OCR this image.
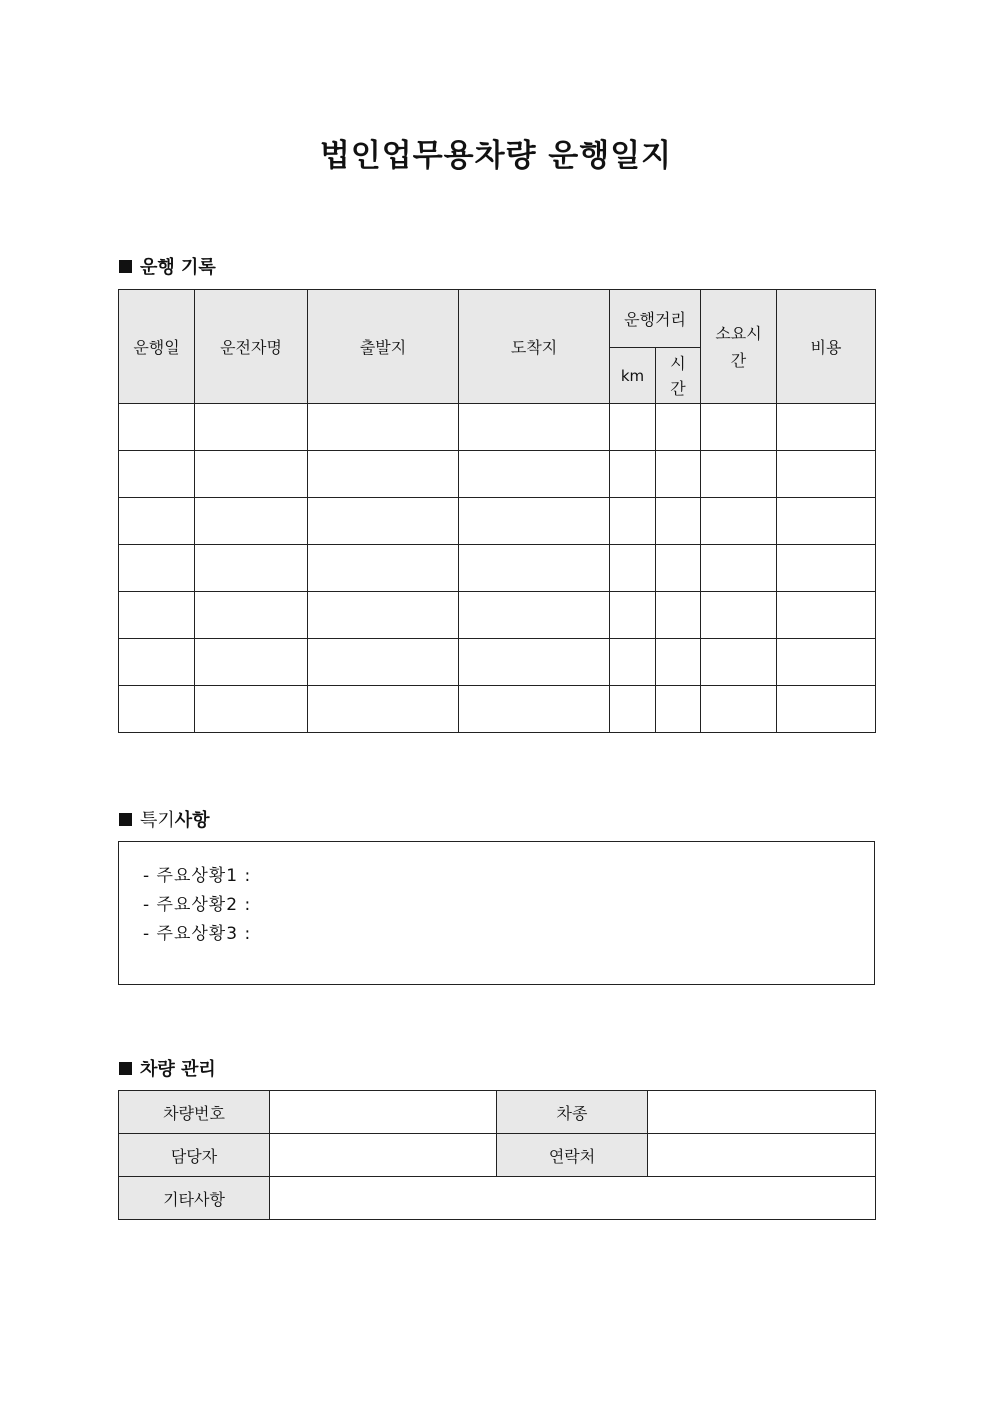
법인업무용차량 운행일지
운행 기록
운행일	운전자명	출발지	도착지	운행거리		소요시간	비용
				km	시간		

특기사항
- 주요상황1 :
- 주요상황2 :
- 주요상황3 :
차량 관리
차량번호		차종	
담당자		연락처	
기타사항			
